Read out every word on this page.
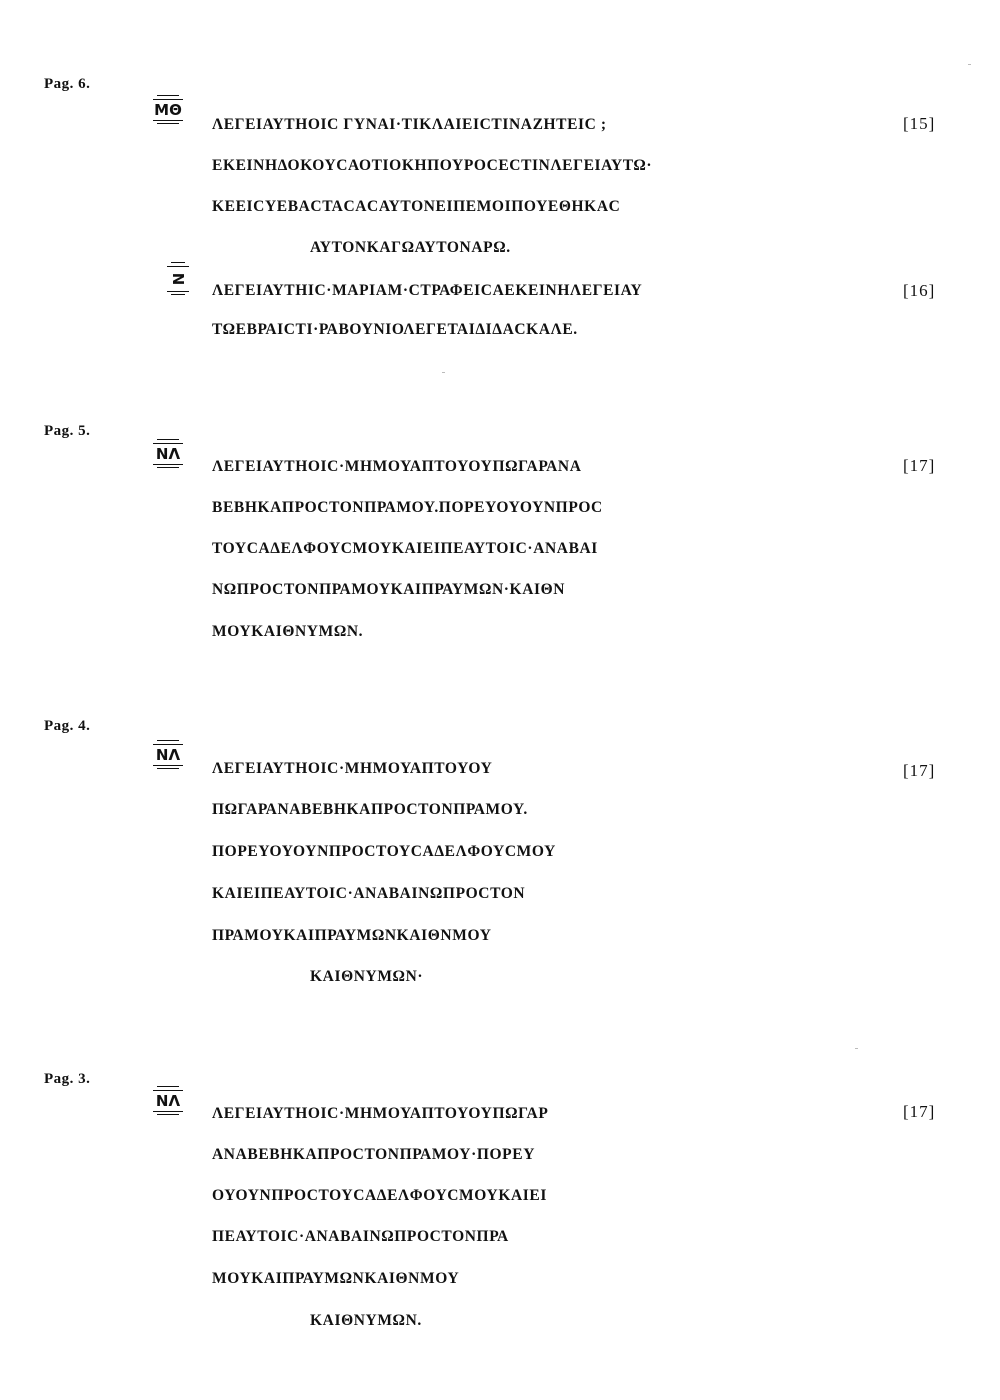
Pag. 6.
ΜΘ
ΛΕΓΕΙΑΥΤΗΟΙC ΓΥΝΑΙ·ΤΙΚΛΑΙΕΙCΤΙΝΑΖΗΤΕΙC ;	[15]
ΕΚΕΙΝΗΔΟΚΟΥCΑΟΤΙΟΚΗΠΟΥΡΟCΕCΤΙΝΛΕΓΕΙΑΥΤΩ·
ΚΕΕΙCΥΕΒΑCΤΑCΑCΑΥΤΟΝΕΙΠΕΜΟΙΠΟΥΕΘΗΚΑC
ΑΥΤΟΝΚΑΓΩΑΥΤΟΝΑΡΩ.
Ν
ΛΕΓΕΙΑΥΤΗΙC·ΜΑΡΙΑΜ·CΤΡΑΦΕΙCΑΕΚΕΙΝΗΛΕΓΕΙΑΥ	[16]
ΤΩΕΒΡΑΙCΤΙ·ΡΑΒΟΥΝΙΟΛΕΓΕΤΑΙΔΙΔΑCΚΑΛΕ.
Pag. 5.
ΝΛ
ΛΕΓΕΙΑΥΤΗΟΙC·ΜΗΜΟΥΑΠΤΟΥΟΥΠΩΓΑΡΑΝΑ	[17]
ΒΕΒΗΚΑΠΡΟCΤΟΝΠΡΑΜΟΥ.ΠΟΡΕΥΟΥΟΥΝΠΡΟC
ΤΟΥCΑΔΕΛΦΟΥCΜΟΥΚΑΙΕΙΠΕΑΥΤΟΙC·ΑΝΑΒΑΙ
ΝΩΠΡΟCΤΟΝΠΡΑΜΟΥΚΑΙΠΡΑΥΜΩΝ·ΚΑΙΘΝ
ΜΟΥΚΑΙΘΝΥΜΩΝ.
Pag. 4.
ΝΛ
ΛΕΓΕΙΑΥΤΗΟΙC·ΜΗΜΟΥΑΠΤΟΥΟΥ	[17]
ΠΩΓΑΡΑΝΑΒΕΒΗΚΑΠΡΟCΤΟΝΠΡΑΜΟΥ.
ΠΟΡΕΥΟΥΟΥΝΠΡΟCΤΟΥCΑΔΕΛΦΟΥCΜΟΥ
ΚΑΙΕΙΠΕΑΥΤΟΙC·ΑΝΑΒΑΙΝΩΠΡΟCΤΟΝ
ΠΡΑΜΟΥΚΑΙΠΡΑΥΜΩΝΚΑΙΘΝΜΟΥ
ΚΑΙΘΝΥΜΩΝ·
Pag. 3.
ΝΛ
ΛΕΓΕΙΑΥΤΗΟΙC·ΜΗΜΟΥΑΠΤΟΥΟΥΠΩΓΑΡ	[17]
ΑΝΑΒΕΒΗΚΑΠΡΟCΤΟΝΠΡΑΜΟΥ·ΠΟΡΕΥ
ΟΥΟΥΝΠΡΟCΤΟΥCΑΔΕΛΦΟΥCΜΟΥΚΑΙΕΙ
ΠΕΑΥΤΟΙC·ΑΝΑΒΑΙΝΩΠΡΟCΤΟΝΠΡΑ
ΜΟΥΚΑΙΠΡΑΥΜΩΝΚΑΙΘΝΜΟΥ
ΚΑΙΘΝΥΜΩΝ.
